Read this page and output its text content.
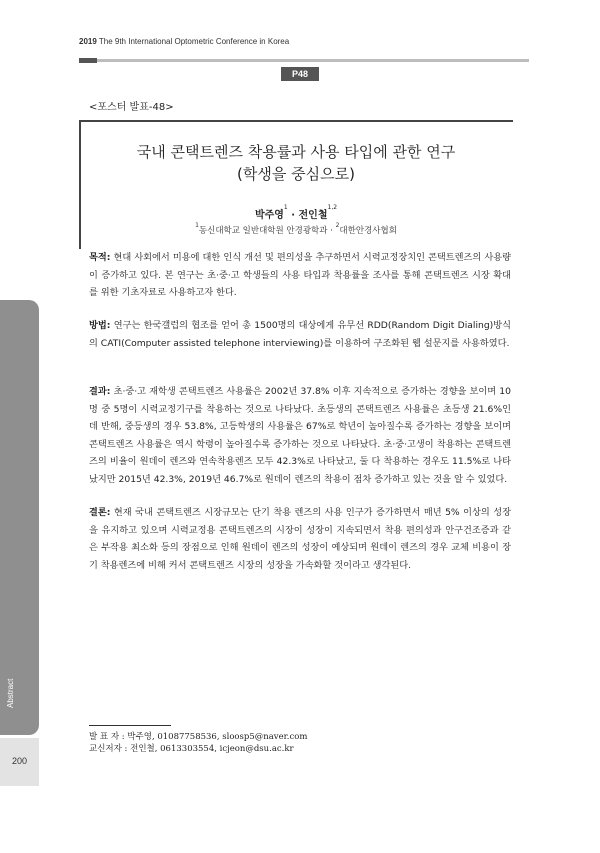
2019 The 9th International Optometric Conference in Korea
P48
<포스터 발표-48>
국내 콘택트렌즈 착용률과 사용 타입에 관한 연구
(학생을 중심으로)
박주영$^1$ · 전인철$^{1,2}$
$^1$동신대학교 일반대학원 안경광학과 · $^2$대한안경사협회
목적: 현대 사회에서 미용에 대한 인식 개선 및 편의성을 추구하면서 시력교정장치인 콘택트렌즈의 사용량이 증가하고 있다. 본 연구는 초·중·고 학생들의 사용 타입과 착용률을 조사를 통해 콘택트렌즈 시장 확대를 위한 기초자료로 사용하고자 한다.
방법: 연구는 한국갤럽의 협조를 얻어 총 1500명의 대상에게 유무선 RDD(Random Digit Dialing)방식의 CATI(Computer assisted telephone interviewing)를 이용하여 구조화된 웹 설문지를 사용하였다.
결과: 초·중·고 재학생 콘택트렌즈 사용률은 2002년 37.8% 이후 지속적으로 증가하는 경향을 보이며 10명 중 5명이 시력교정기구를 착용하는 것으로 나타났다. 초등생의 콘택트렌즈 사용률은 초등생 21.6%인데 반해, 중등생의 경우 53.8%, 고등학생의 사용률은 67%로 학년이 높아질수록 증가하는 경향을 보이며 콘택트렌즈 사용률은 역시 학령이 높아질수록 증가하는 것으로 나타났다. 초·중·고생이 착용하는 콘택트렌즈의 비율이 원데이 렌즈와 연속착용렌즈 모두 42.3%로 나타났고, 둘 다 착용하는 경우도 11.5%로 나타났지만 2015년 42.3%, 2019년 46.7%로 원데이 렌즈의 착용이 점차 증가하고 있는 것을 알 수 있었다.
결론: 현재 국내 콘택트렌즈 시장규모는 단기 착용 렌즈의 사용 인구가 증가하면서 매년 5% 이상의 성장을 유지하고 있으며 시력교정용 콘택트렌즈의 시장이 성장이 지속되면서 착용 편의성과 안구건조증과 같은 부작용 최소화 등의 장점으로 인해 원데이 렌즈의 성장이 예상되며 원데이 렌즈의 경우 교체 비용이 장기 착용렌즈에 비해 커서 콘택트렌즈 시장의 성장을 가속화할 것이라고 생각된다.
Abstract
200
발 표 자 : 박주영, 01087758536, sloosp5@naver.com
교신저자 : 전인철, 0613303554, icjeon@dsu.ac.kr
